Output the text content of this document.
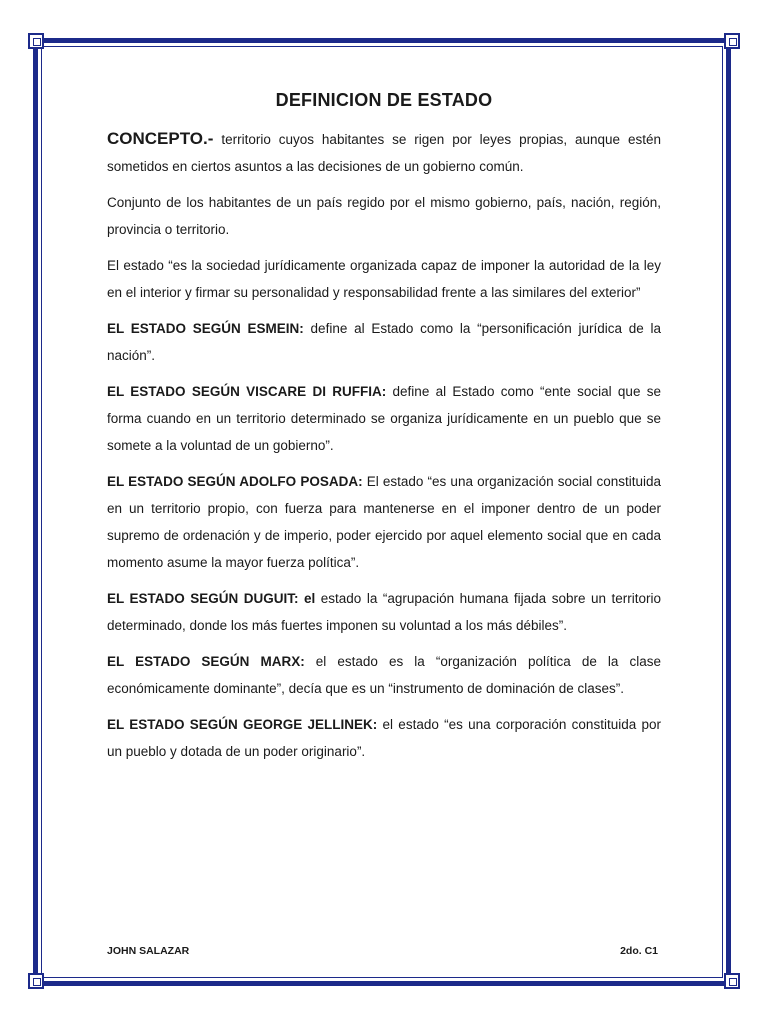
DEFINICION DE ESTADO

CONCEPTO.- territorio cuyos habitantes se rigen por leyes propias, aunque estén sometidos en ciertos asuntos a las decisiones de un gobierno común.

Conjunto de los habitantes de un país regido por el mismo gobierno, país, nación, región, provincia o territorio.

El estado “es la sociedad jurídicamente organizada capaz de imponer la autoridad de la ley en el interior y firmar su personalidad y responsabilidad frente a las similares del exterior”

EL ESTADO SEGÚN ESMEIN: define al Estado como la “personificación jurídica de la nación”.

EL ESTADO SEGÚN VISCARE DI RUFFIA: define al Estado como “ente social que se forma cuando en un territorio determinado se organiza jurídicamente en un pueblo que se somete a la voluntad de un gobierno”.

EL ESTADO SEGÚN ADOLFO POSADA: El estado “es una organización social constituida en un territorio propio, con fuerza para mantenerse en el imponer dentro de un poder supremo de ordenación y de imperio, poder ejercido por aquel elemento social que en cada momento asume la mayor fuerza política”.

EL ESTADO SEGÚN DUGUIT: el estado la “agrupación humana fijada sobre un territorio determinado, donde los más fuertes imponen su voluntad a los más débiles”.

EL ESTADO SEGÚN MARX: el estado es la “organización política de la clase económicamente dominante”, decía que es un “instrumento de dominación de clases”.

EL ESTADO SEGÚN GEORGE JELLINEK: el estado “es una corporación constituida por un pueblo y dotada de un poder originario”.

JOHN SALAZAR	2do. C1
